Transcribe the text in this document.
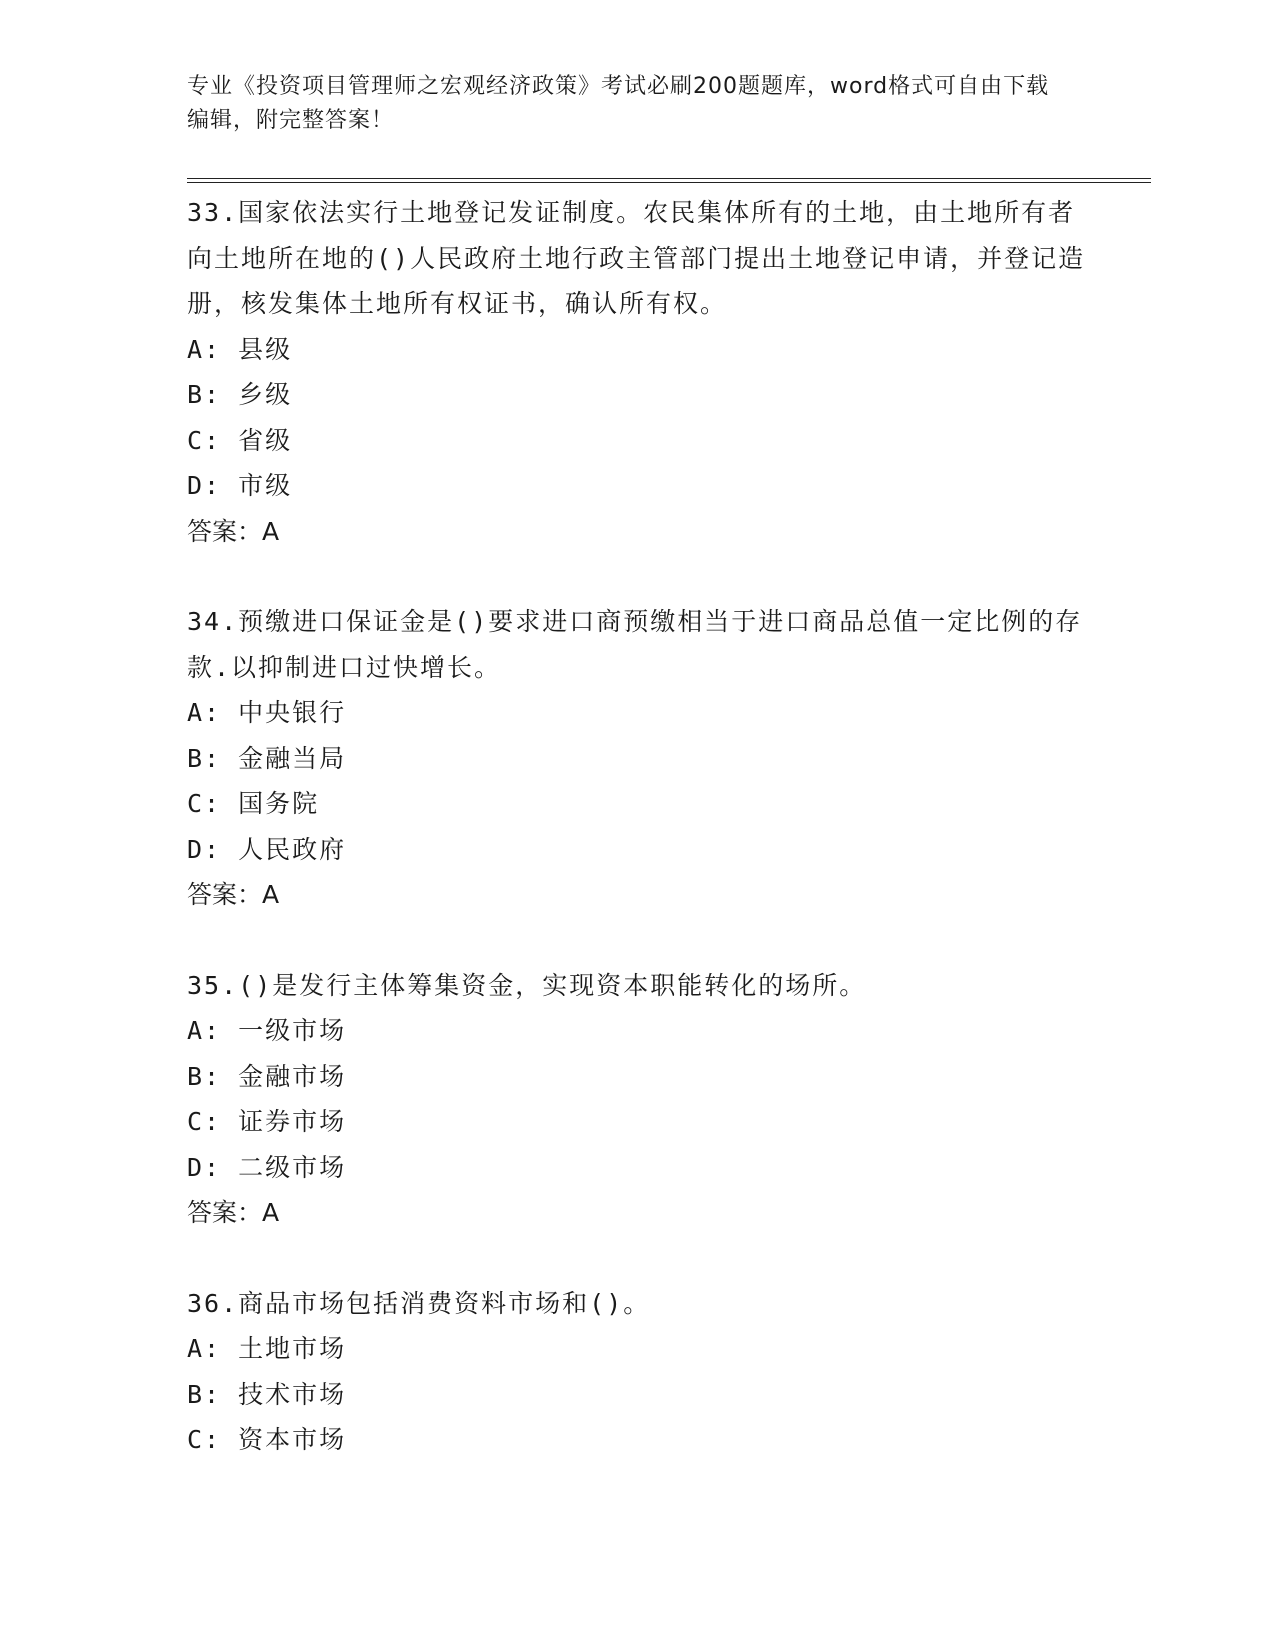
专业《投资项目管理师之宏观经济政策》考试必刷200题题库，word格式可自由下载编辑，附完整答案！
33.国家依法实行土地登记发证制度。农民集体所有的土地，由土地所有者向土地所在地的()人民政府土地行政主管部门提出土地登记申请，并登记造册，核发集体土地所有权证书，确认所有权。
A: 县级
B: 乡级
C: 省级
D: 市级
答案：A
34.预缴进口保证金是()要求进口商预缴相当于进口商品总值一定比例的存款.以抑制进口过快增长。
A: 中央银行
B: 金融当局
C: 国务院
D: 人民政府
答案：A
35.()是发行主体筹集资金，实现资本职能转化的场所。
A: 一级市场
B: 金融市场
C: 证券市场
D: 二级市场
答案：A
36.商品市场包括消费资料市场和()。
A: 土地市场
B: 技术市场
C: 资本市场
